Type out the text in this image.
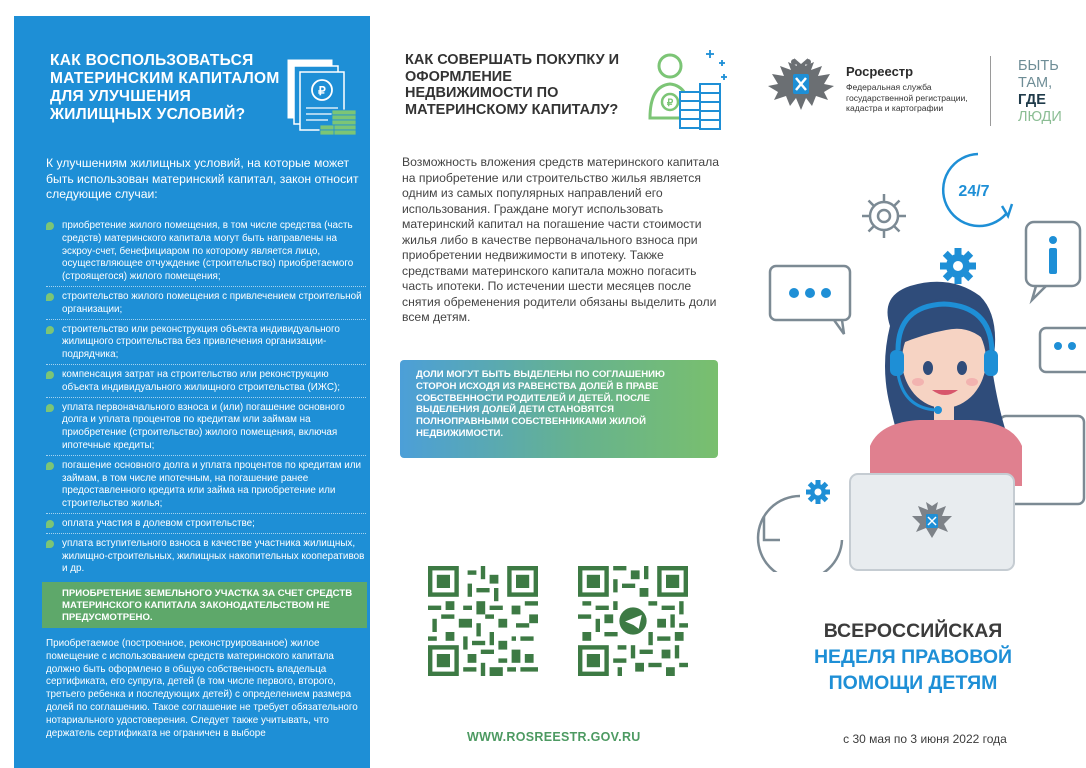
КАК ВОСПОЛЬЗОВАТЬСЯ МАТЕРИНСКИМ КАПИТАЛОМ ДЛЯ УЛУЧШЕНИЯ ЖИЛИЩНЫХ УСЛОВИЙ?
₽
К улучшениям жилищных условий, на которые может быть использован материнский капитал, закон относит следующие случаи:
приобретение жилого помещения, в том числе средства (часть средств) материнского капитала могут быть направлены на эскроу-счет, бенефициаром по которому является лицо, осуществляющее отчуждение (строительство) приобретаемого (строящегося) жилого помещения;
строительство жилого помещения с привлечением строительной организации;
строительство или реконструкция объекта индивидуального жилищного строительства без привлечения организации-подрядчика;
компенсация затрат на строительство или реконструкцию объекта индивидуального жилищного строительства (ИЖС);
уплата первоначального взноса и (или) погашение основного долга и уплата процентов по кредитам или займам на приобретение (строительство) жилого помещения, включая ипотечные кредиты;
погашение основного долга и уплата процентов по кредитам или займам, в том числе ипотечным, на погашение ранее предоставленного кредита или займа на приобретение или строительство жилья;
оплата участия в долевом строительстве;
уплата вступительного взноса в качестве участника жилищных, жилищно-строительных, жилищных накопительных кооперативов и др.
ПРИОБРЕТЕНИЕ ЗЕМЕЛЬНОГО УЧАСТКА ЗА СЧЕТ СРЕДСТВ МАТЕРИНСКОГО КАПИТАЛА ЗАКОНОДАТЕЛЬСТВОМ НЕ ПРЕДУСМОТРЕНО.
Приобретаемое (построенное, реконструированное) жилое помещение с использованием средств материнского капитала должно быть оформлено в общую собственность владельца сертификата, его супруга, детей (в том числе первого, второго, третьего ребенка и последующих детей) с определением размера долей по соглашению. Такое соглашение не требует обязательного нотариального удостоверения. Следует также учитывать, что держатель сертификата не ограничен в выборе
КАК СОВЕРШАТЬ ПОКУПКУ И ОФОРМЛЕНИЕ НЕДВИЖИМОСТИ ПО МАТЕРИНСКОМУ КАПИТАЛУ?	₽
Возможность вложения средств материнского капитала на приобретение или строительство жилья является одним из самых популярных направлений его использования. Граждане могут использовать материнский капитал на погашение части стоимости жилья либо в качестве первоначального взноса при приобретении недвижимости в ипотеку. Также средствами материнского капитала можно погасить часть ипотеки. По истечении шести месяцев после снятия обременения родители обязаны выделить доли всем детям.
ДОЛИ МОГУТ БЫТЬ ВЫДЕЛЕНЫ ПО СОГЛАШЕНИЮ СТОРОН ИСХОДЯ ИЗ РАВЕНСТВА ДОЛЕЙ В ПРАВЕ СОБСТВЕННОСТИ РОДИТЕЛЕЙ И ДЕТЕЙ. ПОСЛЕ ВЫДЕЛЕНИЯ ДОЛЕЙ ДЕТИ СТАНОВЯТСЯ ПОЛНОПРАВНЫМИ СОБСТВЕННИКАМИ ЖИЛОЙ НЕДВИЖИМОСТИ.
WWW.ROSREESTR.GOV.RU
Росреестр
Федеральная служба
государственной регистрации,
кадастра и картографии
БЫТЬ
ТАМ,
ГДЕ
ЛЮДИ
24/7
ВСЕРОССИЙСКАЯ
НЕДЕЛЯ ПРАВОВОЙ
ПОМОЩИ ДЕТЯМ
с 30 мая по 3 июня 2022 года
